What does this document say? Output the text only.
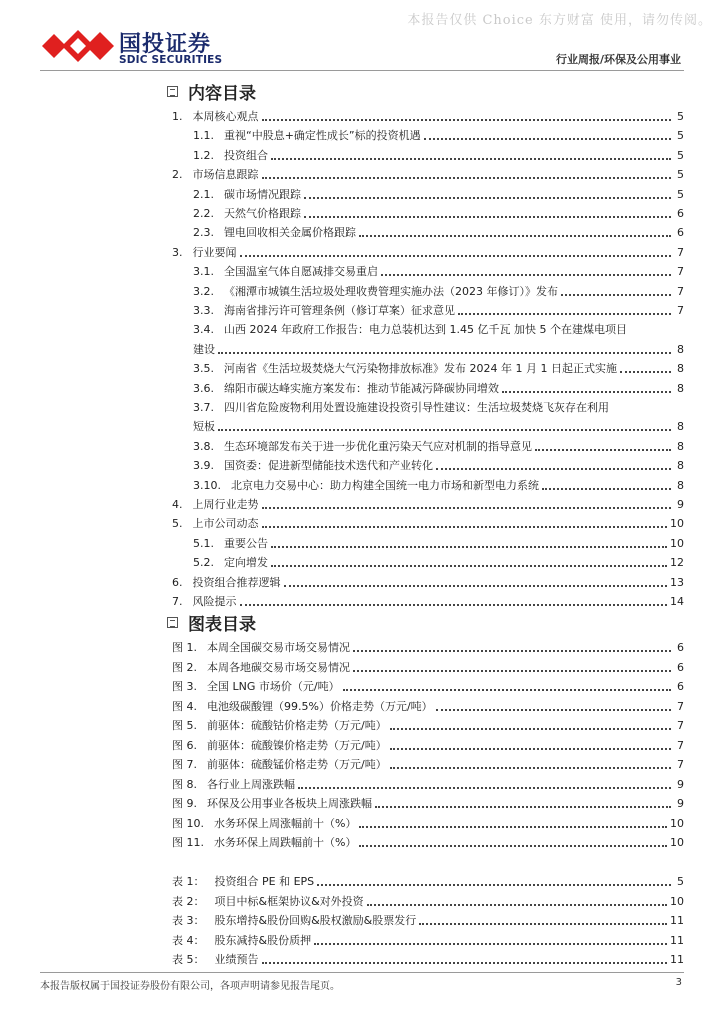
本报告仅供 Choice 东方财富 使用，请勿传阅。
国投证券
SDIC SECURITIES	行业周报/环保及公用事业
内容目录
1. 本周核心观点	5
1.1. 重视“中股息+确定性成长”标的投资机遇	5
1.2. 投资组合	5
2. 市场信息跟踪	5
2.1. 碳市场情况跟踪	5
2.2. 天然气价格跟踪	6
2.3. 锂电回收相关金属价格跟踪	6
3. 行业要闻	7
3.1. 全国温室气体自愿减排交易重启	7
3.2. 《湘潭市城镇生活垃圾处理收费管理实施办法（2023 年修订）》发布	7
3.3. 海南省排污许可管理条例（修订草案）征求意见	7
3.4. 山西 2024 年政府工作报告：电力总装机达到 1.45 亿千瓦 加快 5 个在建煤电项目
建设	8
3.5. 河南省《生活垃圾焚烧大气污染物排放标准》发布 2024 年 1 月 1 日起正式实施	8
3.6. 绵阳市碳达峰实施方案发布：推动节能减污降碳协同增效	8
3.7. 四川省危险废物利用处置设施建设投资引导性建议：生活垃圾焚烧飞灰存在利用
短板	8
3.8. 生态环境部发布关于进一步优化重污染天气应对机制的指导意见	8
3.9. 国资委：促进新型储能技术迭代和产业转化	8
3.10. 北京电力交易中心：助力构建全国统一电力市场和新型电力系统	8
4. 上周行业走势	9
5. 上市公司动态	10
5.1. 重要公告	10
5.2. 定向增发	12
6. 投资组合推荐逻辑	13
7. 风险提示	14
图表目录
图 1. 本周全国碳交易市场交易情况	6
图 2. 本周各地碳交易市场交易情况	6
图 3. 全国 LNG 市场价（元/吨）	6
图 4. 电池级碳酸锂（99.5%）价格走势（万元/吨）	7
图 5. 前驱体：硫酸钴价格走势（万元/吨）	7
图 6. 前驱体：硫酸镍价格走势（万元/吨）	7
图 7. 前驱体：硫酸锰价格走势（万元/吨）	7
图 8. 各行业上周涨跌幅	9
图 9. 环保及公用事业各板块上周涨跌幅	9
图 10. 水务环保上周涨幅前十（%）	10
图 11. 水务环保上周跌幅前十（%）	10
表 1： 投资组合 PE 和 EPS	5
表 2： 项目中标&框架协议&对外投资	10
表 3： 股东增持&股份回购&股权激励&股票发行	11
表 4： 股东减持&股份质押	11
表 5： 业绩预告	11
本报告版权属于国投证券股份有限公司，各项声明请参见报告尾页。	3
